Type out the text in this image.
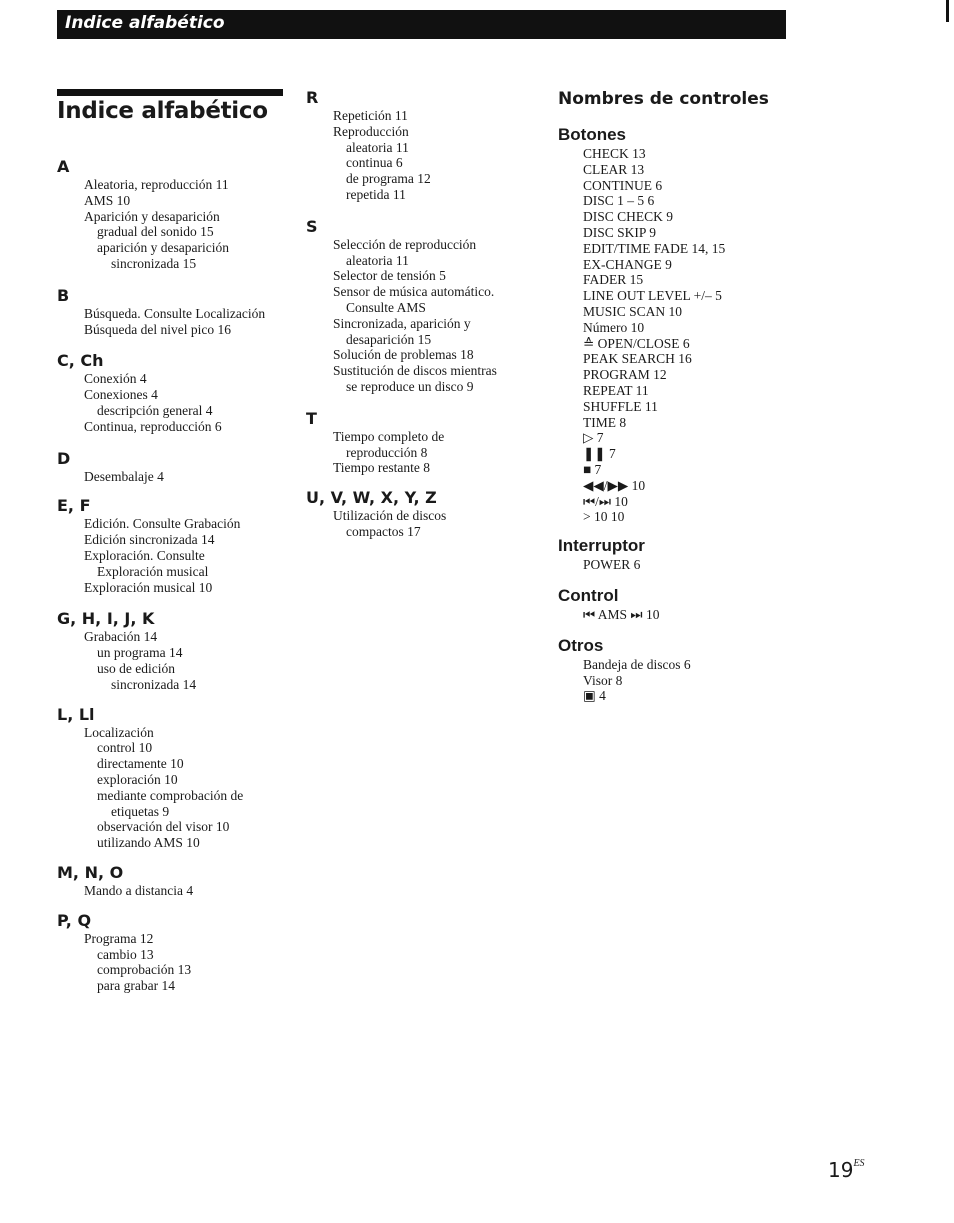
Indice alfabético
Indice alfabético
A
Aleatoria, reproducción 11
AMS 10
Aparición y desaparición
gradual del sonido 15
aparición y desaparición
sincronizada 15
B
Búsqueda. Consulte Localización
Búsqueda del nivel pico 16
C, Ch
Conexión 4
Conexiones 4
descripción general 4
Continua, reproducción 6
D
Desembalaje 4
E, F
Edición. Consulte Grabación
Edición sincronizada 14
Exploración. Consulte
Exploración musical
Exploración musical 10
G, H, I, J, K
Grabación 14
un programa 14
uso de edición
sincronizada 14
L, Ll
Localización
control 10
directamente 10
exploración 10
mediante comprobación de
etiquetas 9
observación del visor 10
utilizando AMS 10
M, N, O
Mando a distancia 4
P, Q
Programa 12
cambio 13
comprobación 13
para grabar 14
R
Repetición 11
Reproducción
aleatoria 11
continua 6
de programa 12
repetida 11
S
Selección de reproducción
aleatoria 11
Selector de tensión 5
Sensor de música automático.
Consulte AMS
Sincronizada, aparición y
desaparición 15
Solución de problemas 18
Sustitución de discos mientras
se reproduce un disco 9
T
Tiempo completo de
reproducción 8
Tiempo restante 8
U, V, W, X, Y, Z
Utilización de discos
compactos 17
Nombres de controles
Botones
CHECK 13
CLEAR 13
CONTINUE 6
DISC 1 – 5 6
DISC CHECK 9
DISC SKIP 9
EDIT/TIME FADE 14, 15
EX-CHANGE 9
FADER 15
LINE OUT LEVEL +/– 5
MUSIC SCAN 10
Número 10
≙ OPEN/CLOSE 6
PEAK SEARCH 16
PROGRAM 12
REPEAT 11
SHUFFLE 11
TIME 8
▷ 7
❚❚ 7
■ 7
◀◀/▶▶ 10
⏮/⏭ 10
> 10 10
Interruptor
POWER 6
Control
⏮ AMS ⏭ 10
Otros
Bandeja de discos 6
Visor 8
▣ 4
$19^{ES}$
